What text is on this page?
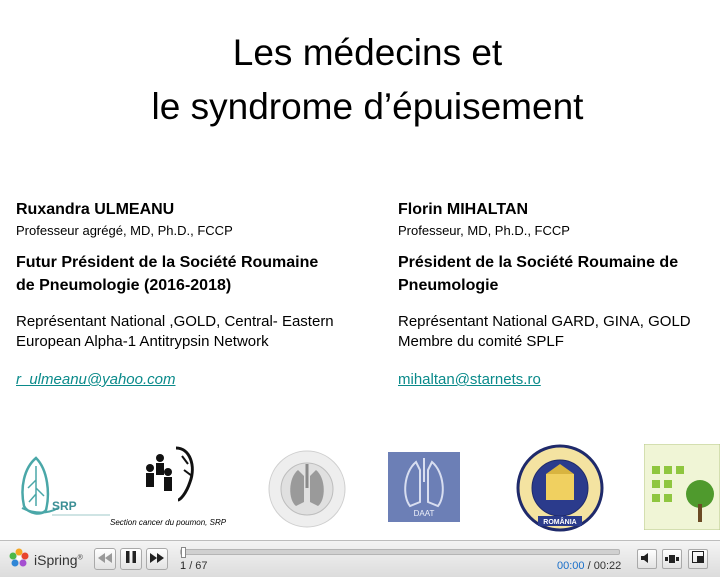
Les médecins et
le syndrome d’épuisement
Ruxandra ULMEANU
Professeur agrégé, MD, Ph.D., FCCP
Futur Président de la Société Roumaine
de Pneumologie (2016-2018)
Représentant National ,GOLD, Central- Eastern
European Alpha-1 Antitrypsin Network
r_ulmeanu@yahoo.com
Florin MIHALTAN
Professeur, MD, Ph.D., FCCP
Président de la Société Roumaine de
Pneumologie
Représentant National GARD, GINA, GOLD
Membre du comité SPLF
mihaltan@starnets.ro
SRP
Section cancer du poumon, SRP
DAAT
ROMÂNIA
iSpring®
1 / 67	00:00 / 00:22
